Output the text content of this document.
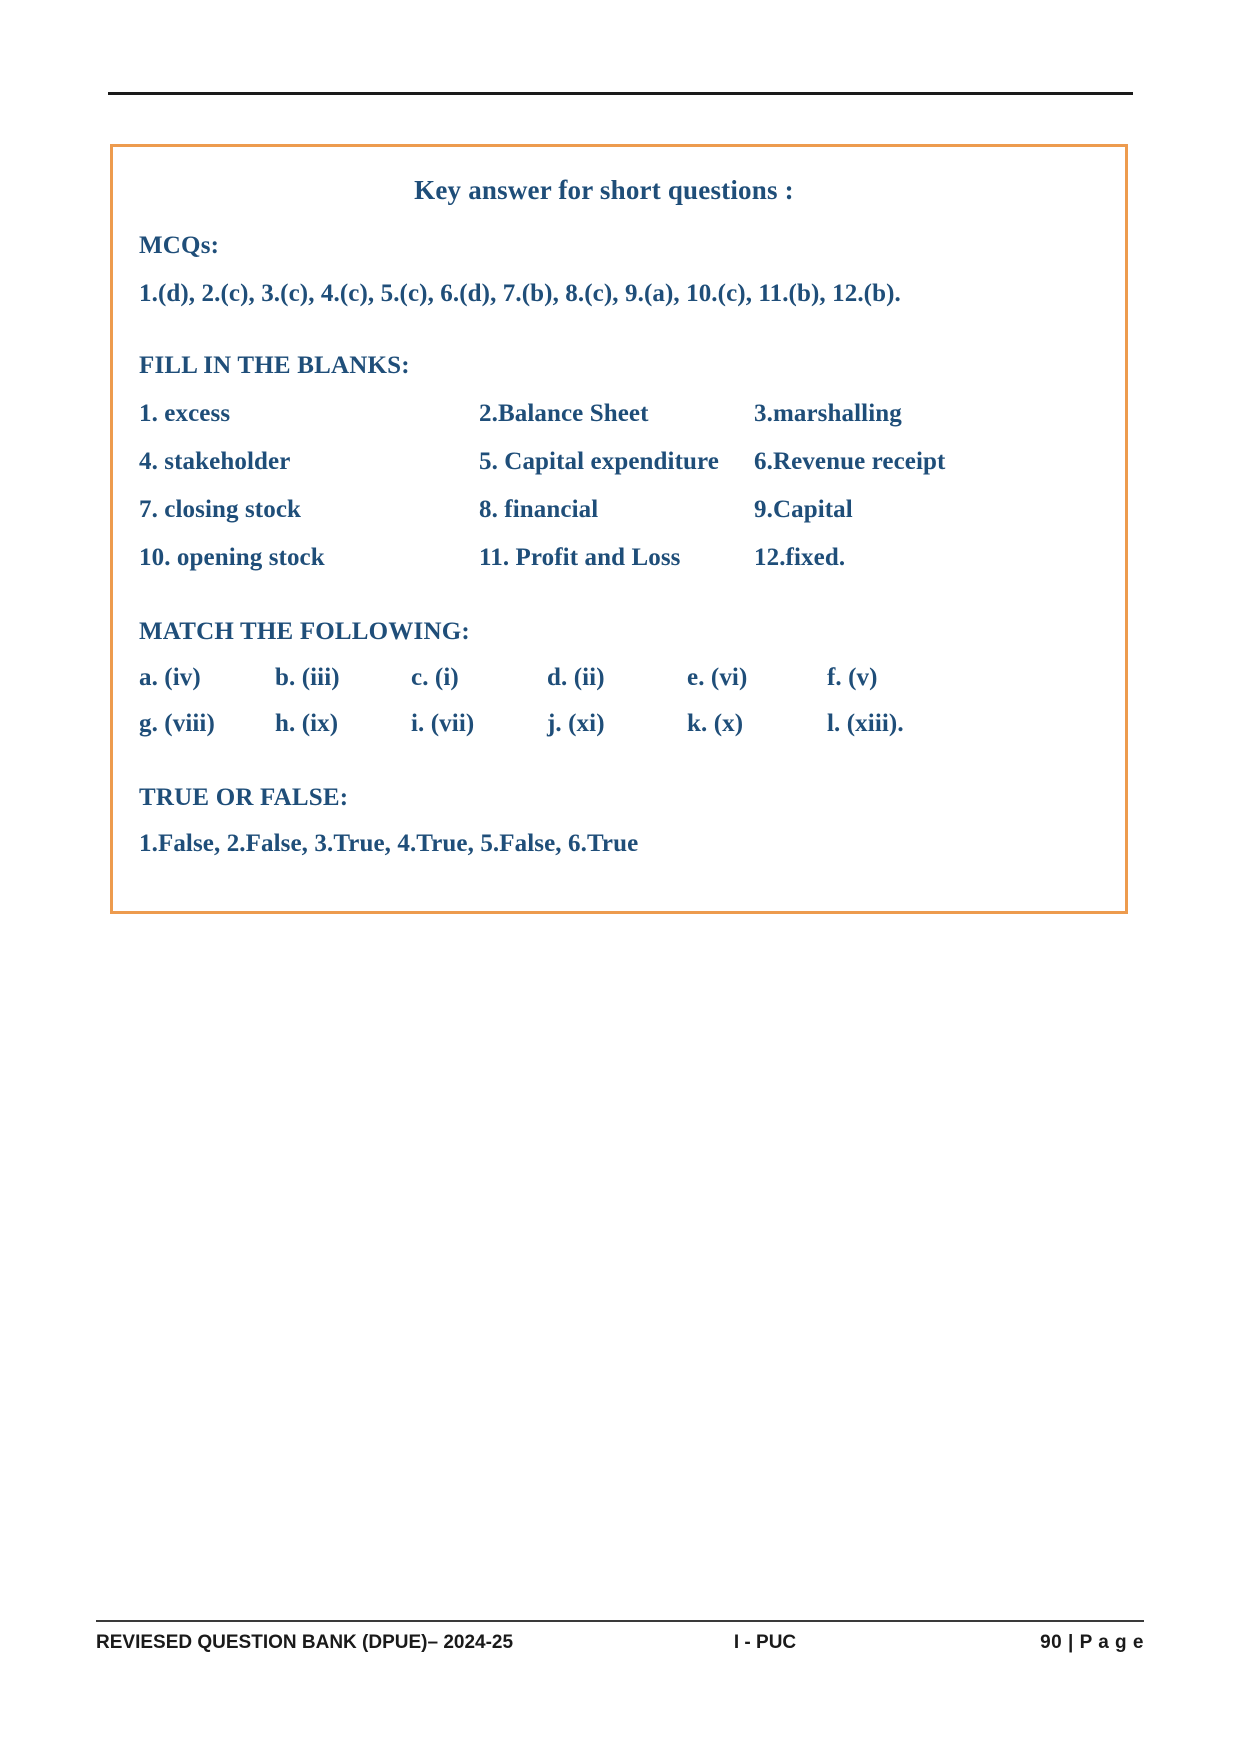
Key answer for short questions :
MCQs:
1.(d), 2.(c), 3.(c), 4.(c), 5.(c), 6.(d), 7.(b), 8.(c), 9.(a), 10.(c), 11.(b), 12.(b).
FILL IN THE BLANKS:
1. excess	2.Balance Sheet	3.marshalling
4. stakeholder	5. Capital expenditure	6.Revenue receipt
7. closing stock	8. financial	9.Capital
10. opening stock	11. Profit and Loss	12.fixed.
MATCH THE FOLLOWING:
a. (iv)	b. (iii)	c. (i)	d. (ii)	e. (vi)	f. (v)
g. (viii)	h. (ix)	i. (vii)	j. (xi)	k. (x)	l. (xiii).
TRUE OR FALSE:
1.False, 2.False, 3.True, 4.True, 5.False, 6.True
REVIESED QUESTION BANK (DPUE)– 2024-25	I - PUC	90 | P a g e
